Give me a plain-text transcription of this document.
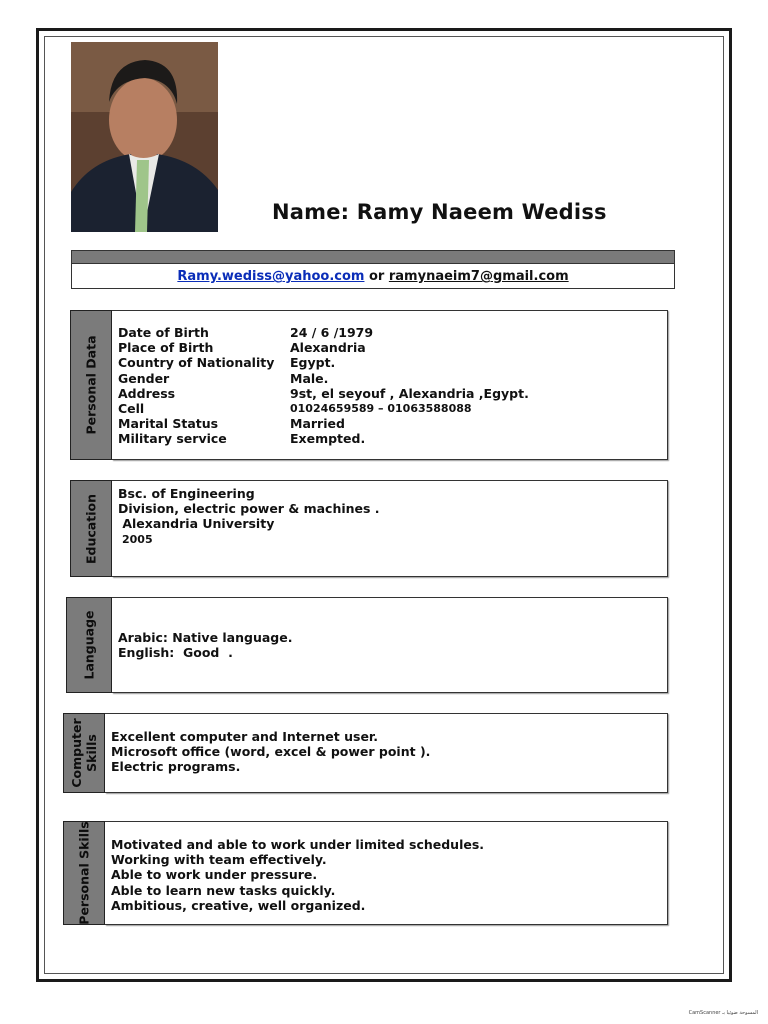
Name: Ramy Naeem Wediss
Ramy.wediss@yahoo.com or ramynaeim7@gmail.com
Personal Data
Date of Birth	24 / 6 /1979
Place of Birth	Alexandria
Country of Nationality	Egypt.
Gender	Male.
Address	9st, el seyouf , Alexandria ,Egypt.
Cell	01024659589 – 01063588088
Marital Status	Married
Military service	Exempted.
Education
Bsc. of Engineering
Division, electric power & machines .
Alexandria University
2005
Language Arabic: Native language.
English:  Good  .
Computer Skills Excellent computer and Internet user.
Microsoft office (word, excel & power point ).
Electric programs.
Personal Skills Motivated and able to work under limited schedules.
Working with team effectively.
Able to work under pressure.
Able to learn new tasks quickly.
Ambitious, creative, well organized.
CamScanner المسوحة ضوئيا بـ
